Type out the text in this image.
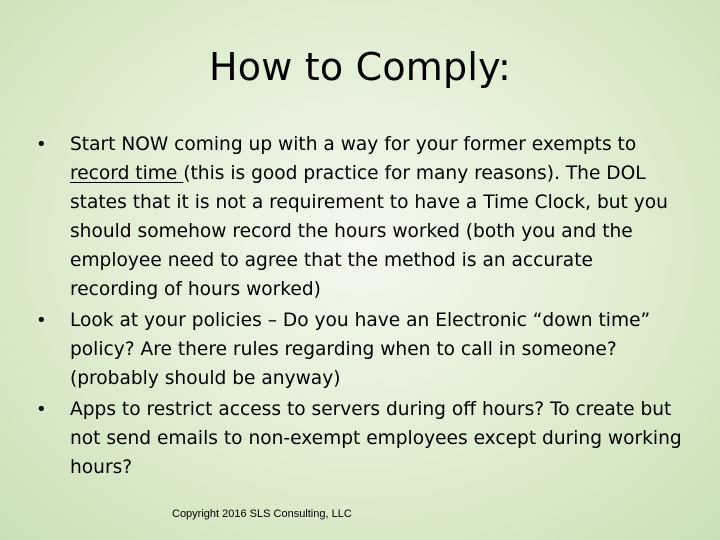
How to Comply:
•	Start NOW coming up with a way for your former exempts to record time (this is good practice for many reasons). The DOL states that it is not a requirement to have a Time Clock, but you should somehow record the hours worked (both you and the employee need to agree that the method is an accurate recording of hours worked)
•	Look at your policies – Do you have an Electronic “down time” policy? Are there rules regarding when to call in someone? (probably should be anyway)
•	Apps to restrict access to servers during off hours? To create but not send emails to non-exempt employees except during working hours?
Copyright 2016 SLS Consulting, LLC
